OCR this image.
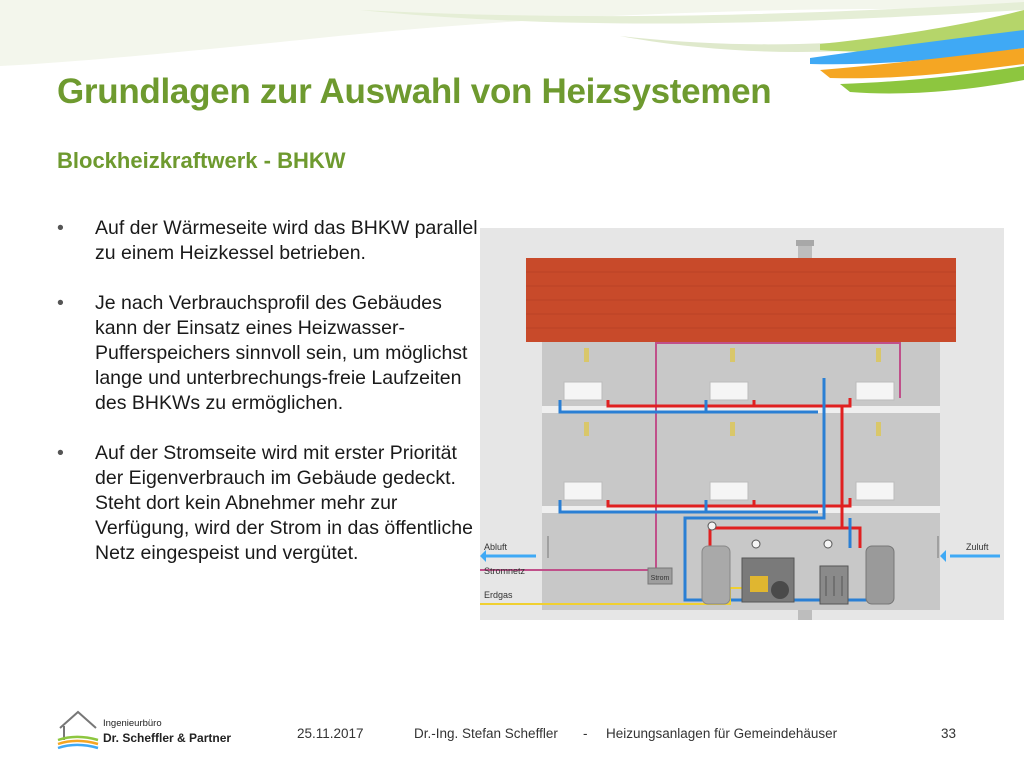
Grundlagen zur Auswahl von Heizsystemen
Blockheizkraftwerk - BHKW
• Auf der Wärmeseite wird das BHKW parallel zu einem Heizkessel betrieben.
• Je nach Verbrauchsprofil des Gebäudes kann der Einsatz eines Heizwasser-Pufferspeichers sinnvoll sein, um möglichst lange und unterbrechungs-freie Laufzeiten des BHKWs zu ermöglichen.
• Auf der Stromseite wird mit erster Priorität der Eigenverbrauch im Gebäude gedeckt. Steht dort kein Abnehmer mehr zur Verfügung, wird der Strom in das öffentliche Netz eingespeist und vergütet.
Strom
Abluft	Zuluft
Stromnetz
Erdgas
Ingenieurbüro
Dr. Scheffler & Partner	25.11.2017	Dr.-Ing. Stefan Scheffler - Heizungsanlagen für Gemeindehäuser	33
